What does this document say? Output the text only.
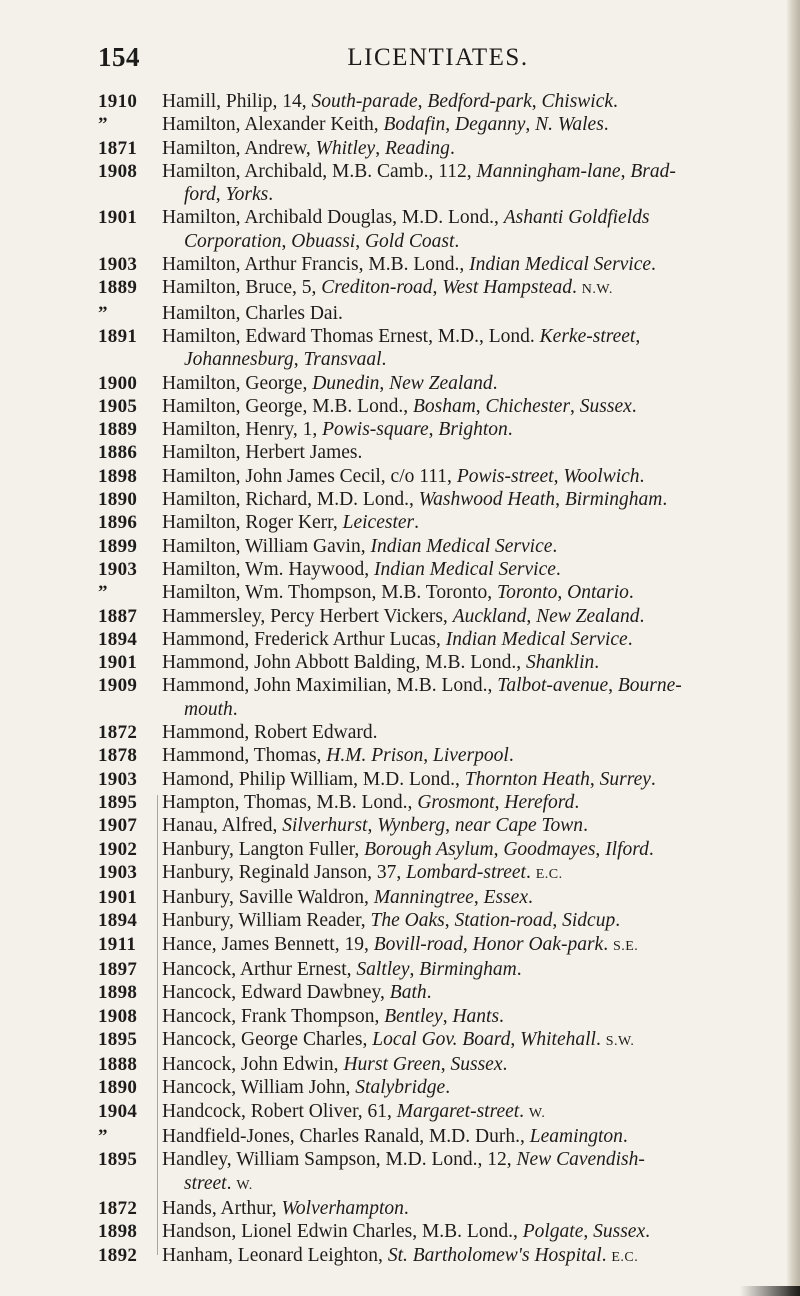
154	LICENTIATES.
1910	Hamill, Philip, 14, South-parade, Bedford-park, Chiswick.
”	Hamilton, Alexander Keith, Bodafin, Deganny, N. Wales.
1871	Hamilton, Andrew, Whitley, Reading.
1908	Hamilton, Archibald, M.B. Camb., 112, Manningham-lane, Brad-
ford, Yorks.
1901	Hamilton, Archibald Douglas, M.D. Lond., Ashanti Goldfields
Corporation, Obuassi, Gold Coast.
1903	Hamilton, Arthur Francis, M.B. Lond., Indian Medical Service.
1889	Hamilton, Bruce, 5, Crediton-road, West Hampstead. N.W.
”	Hamilton, Charles Dai.
1891	Hamilton, Edward Thomas Ernest, M.D., Lond. Kerke-street,
Johannesburg, Transvaal.
1900	Hamilton, George, Dunedin, New Zealand.
1905	Hamilton, George, M.B. Lond., Bosham, Chichester, Sussex.
1889	Hamilton, Henry, 1, Powis-square, Brighton.
1886	Hamilton, Herbert James.
1898	Hamilton, John James Cecil, c/o 111, Powis-street, Woolwich.
1890	Hamilton, Richard, M.D. Lond., Washwood Heath, Birmingham.
1896	Hamilton, Roger Kerr, Leicester.
1899	Hamilton, William Gavin, Indian Medical Service.
1903	Hamilton, Wm. Haywood, Indian Medical Service.
”	Hamilton, Wm. Thompson, M.B. Toronto, Toronto, Ontario.
1887	Hammersley, Percy Herbert Vickers, Auckland, New Zealand.
1894	Hammond, Frederick Arthur Lucas, Indian Medical Service.
1901	Hammond, John Abbott Balding, M.B. Lond., Shanklin.
1909	Hammond, John Maximilian, M.B. Lond., Talbot-avenue, Bourne-
mouth.
1872	Hammond, Robert Edward.
1878	Hammond, Thomas, H.M. Prison, Liverpool.
1903	Hamond, Philip William, M.D. Lond., Thornton Heath, Surrey.
1895	Hampton, Thomas, M.B. Lond., Grosmont, Hereford.
1907	Hanau, Alfred, Silverhurst, Wynberg, near Cape Town.
1902	Hanbury, Langton Fuller, Borough Asylum, Goodmayes, Ilford.
1903	Hanbury, Reginald Janson, 37, Lombard-street. E.C.
1901	Hanbury, Saville Waldron, Manningtree, Essex.
1894	Hanbury, William Reader, The Oaks, Station-road, Sidcup.
1911	Hance, James Bennett, 19, Bovill-road, Honor Oak-park. S.E.
1897	Hancock, Arthur Ernest, Saltley, Birmingham.
1898	Hancock, Edward Dawbney, Bath.
1908	Hancock, Frank Thompson, Bentley, Hants.
1895	Hancock, George Charles, Local Gov. Board, Whitehall. S.W.
1888	Hancock, John Edwin, Hurst Green, Sussex.
1890	Hancock, William John, Stalybridge.
1904	Handcock, Robert Oliver, 61, Margaret-street. W.
”	Handfield-Jones, Charles Ranald, M.D. Durh., Leamington.
1895	Handley, William Sampson, M.D. Lond., 12, New Cavendish-
street. W.
1872	Hands, Arthur, Wolverhampton.
1898	Handson, Lionel Edwin Charles, M.B. Lond., Polgate, Sussex.
1892	Hanham, Leonard Leighton, St. Bartholomew's Hospital. E.C.
